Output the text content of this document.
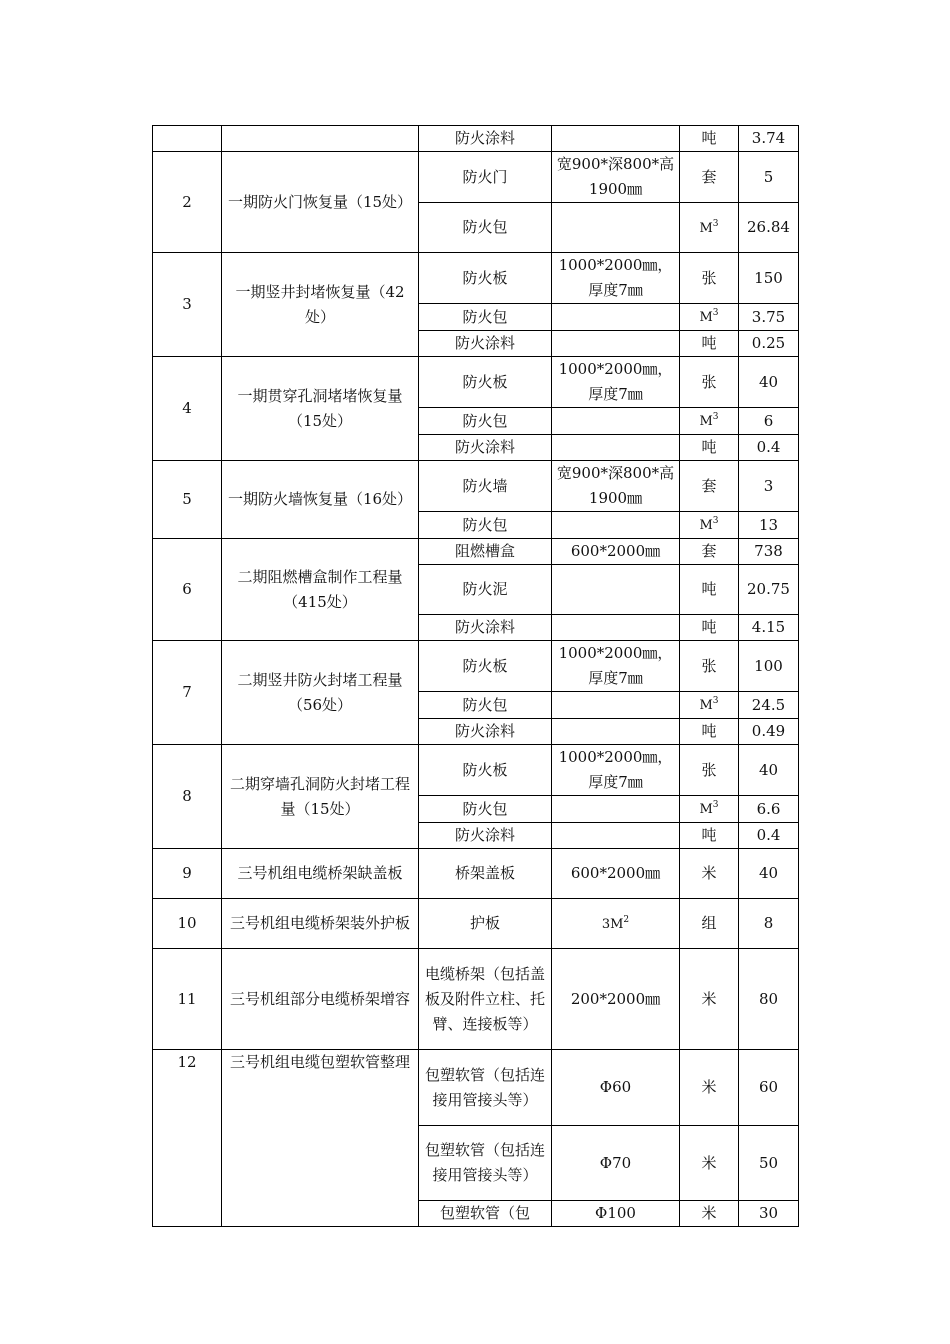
		防火涂料		吨	3.74
2	一期防火门恢复量（15处）	防火门	宽900*深800*高1900㎜	套	5
		防火包		$M^3$	26.84
3	一期竖井封堵恢复量（42处）	防火板	1000*2000㎜，厚度7㎜	张	150
		防火包		$M^3$	3.75
		防火涂料		吨	0.25
4	一期贯穿孔洞堵堵恢复量（15处）	防火板	1000*2000㎜，厚度7㎜	张	40
		防火包		$M^3$	6
		防火涂料		吨	0.4
5	一期防火墙恢复量（16处）	防火墙	宽900*深800*高1900㎜	套	3
		防火包		$M^3$	13
6	二期阻燃槽盒制作工程量（415处）	阻燃槽盒	600*2000㎜	套	738
		防火泥		吨	20.75
		防火涂料		吨	4.15
7	二期竖井防火封堵工程量（56处）	防火板	1000*2000㎜，厚度7㎜	张	100
		防火包		$M^3$	24.5
		防火涂料		吨	0.49
8	二期穿墙孔洞防火封堵工程量（15处）	防火板	1000*2000㎜，厚度7㎜	张	40
		防火包		$M^3$	6.6
		防火涂料		吨	0.4
9	三号机组电缆桥架缺盖板	桥架盖板	600*2000㎜	米	40
10	三号机组电缆桥架装外护板	护板	$3M^2$	组	8
11	三号机组部分电缆桥架增容	电缆桥架（包括盖板及附件立柱、托臂、连接板等）	200*2000㎜	米	80
12	三号机组电缆包塑软管整理	包塑软管（包括连接用管接头等）	Φ60	米	60
		包塑软管（包括连接用管接头等）	Φ70	米	50
		包塑软管（包	Φ100	米	30
